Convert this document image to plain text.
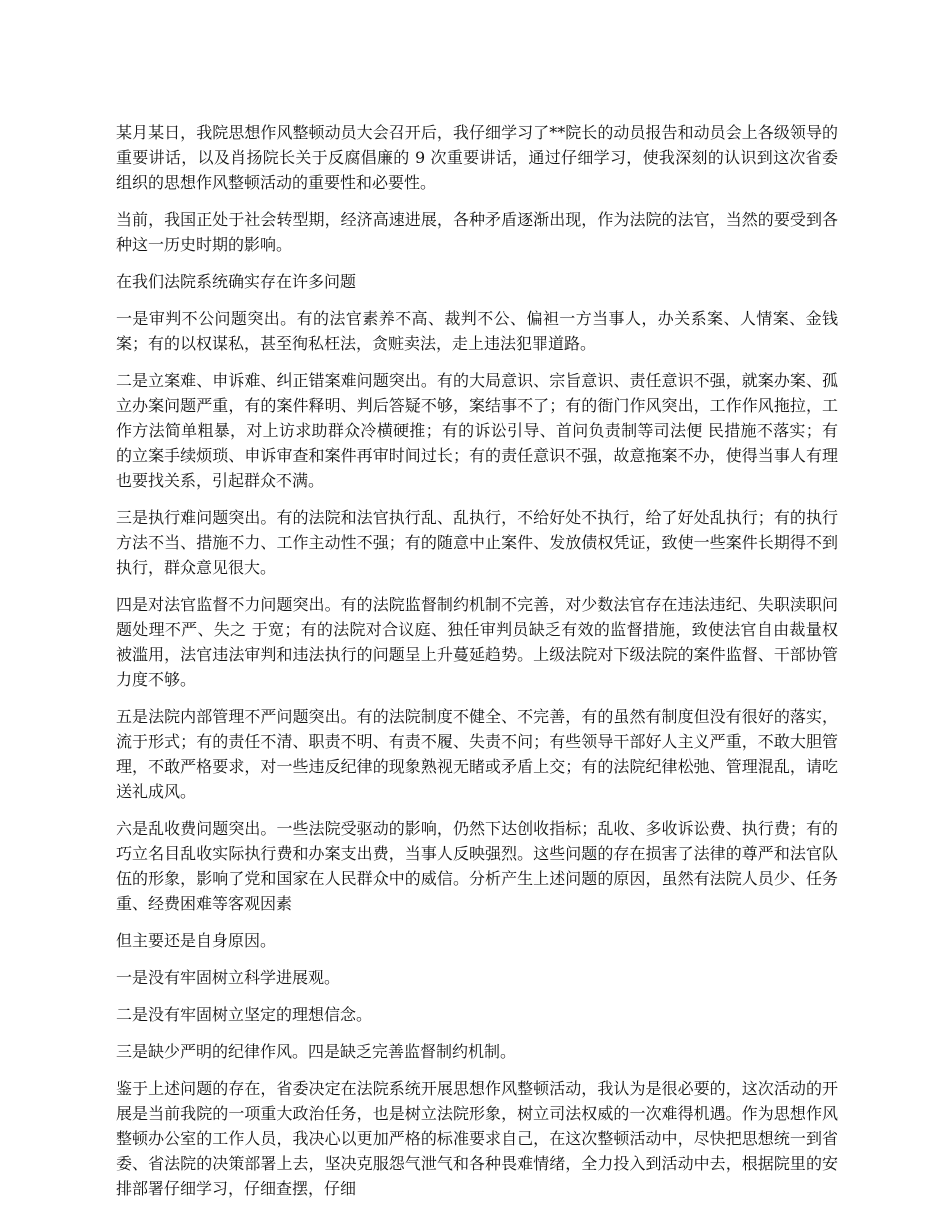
某月某日，我院思想作风整顿动员大会召开后，我仔细学习了**院长的动员报告和动员会上各级领导的重要讲话，以及肖扬院长关于反腐倡廉的 9 次重要讲话，通过仔细学习，使我深刻的认识到这次省委组织的思想作风整顿活动的重要性和必要性。

当前，我国正处于社会转型期，经济高速进展，各种矛盾逐渐出现，作为法院的法官，当然的要受到各种这一历史时期的影响。

在我们法院系统确实存在许多问题

一是审判不公问题突出。有的法官素养不高、裁判不公、偏袒一方当事人，办关系案、人情案、金钱案；有的以权谋私，甚至徇私枉法，贪赃卖法，走上违法犯罪道路。

二是立案难、申诉难、纠正错案难问题突出。有的大局意识、宗旨意识、责任意识不强，就案办案、孤立办案问题严重，有的案件释明、判后答疑不够，案结事不了；有的衙门作风突出，工作作风拖拉，工作方法简单粗暴，对上访求助群众冷横硬推；有的诉讼引导、首问负责制等司法便 民措施不落实；有的立案手续烦琐、申诉审查和案件再审时间过长；有的责任意识不强，故意拖案不办，使得当事人有理也要找关系，引起群众不满。

三是执行难问题突出。有的法院和法官执行乱、乱执行，不给好处不执行，给了好处乱执行；有的执行方法不当、措施不力、工作主动性不强；有的随意中止案件、发放债权凭证，致使一些案件长期得不到执行，群众意见很大。

四是对法官监督不力问题突出。有的法院监督制约机制不完善，对少数法官存在违法违纪、失职渎职问题处理不严、失之 于宽；有的法院对合议庭、独任审判员缺乏有效的监督措施，致使法官自由裁量权被滥用，法官违法审判和违法执行的问题呈上升蔓延趋势。上级法院对下级法院的案件监督、干部协管力度不够。

五是法院内部管理不严问题突出。有的法院制度不健全、不完善，有的虽然有制度但没有很好的落实，流于形式；有的责任不清、职责不明、有责不履、失责不问；有些领导干部好人主义严重，不敢大胆管理，不敢严格要求，对一些违反纪律的现象熟视无睹或矛盾上交；有的法院纪律松弛、管理混乱，请吃送礼成风。

六是乱收费问题突出。一些法院受驱动的影响，仍然下达创收指标；乱收、多收诉讼费、执行费；有的巧立名目乱收实际执行费和办案支出费，当事人反映强烈。这些问题的存在损害了法律的尊严和法官队伍的形象，影响了党和国家在人民群众中的威信。分析产生上述问题的原因，虽然有法院人员少、任务 重、经费困难等客观因素

但主要还是自身原因。

一是没有牢固树立科学进展观。

二是没有牢固树立坚定的理想信念。

三是缺少严明的纪律作风。四是缺乏完善监督制约机制。

鉴于上述问题的存在，省委决定在法院系统开展思想作风整顿活动，我认为是很必要的，这次活动的开展是当前我院的一项重大政治任务，也是树立法院形象，树立司法权威的一次难得机遇。作为思想作风整顿办公室的工作人员，我决心以更加严格的标准要求自己，在这次整顿活动中，尽快把思想统一到省委、省法院的决策部署上去，坚决克服怨气泄气和各种畏难情绪，全力投入到活动中去，根据院里的安排部署仔细学习，仔细查摆，仔细
